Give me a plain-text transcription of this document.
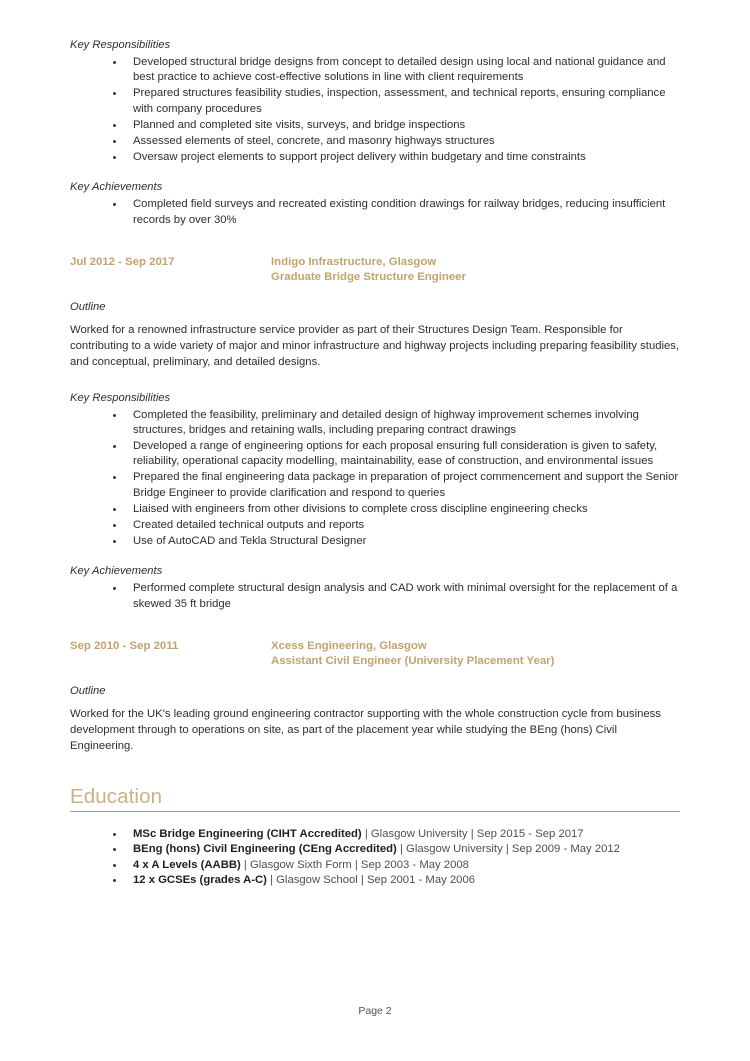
Key Responsibilities

Developed structural bridge designs from concept to detailed design using local and national guidance and best practice to achieve cost-effective solutions in line with client requirements
Prepared structures feasibility studies, inspection, assessment, and technical reports, ensuring compliance with company procedures
Planned and completed site visits, surveys, and bridge inspections
Assessed elements of steel, concrete, and masonry highways structures
Oversaw project elements to support project delivery within budgetary and time constraints

Key Achievements

Completed field surveys and recreated existing condition drawings for railway bridges, reducing insufficient records by over 30%
Jul 2012 - Sep 2017	Indigo Infrastructure, Glasgow
Graduate Bridge Structure Engineer

Outline

Worked for a renowned infrastructure service provider as part of their Structures Design Team. Responsible for contributing to a wide variety of major and minor infrastructure and highway projects including preparing feasibility studies, and conceptual, preliminary, and detailed designs.

Key Responsibilities

Completed the feasibility, preliminary and detailed design of highway improvement schemes involving structures, bridges and retaining walls, including preparing contract drawings
Developed a range of engineering options for each proposal ensuring full consideration is given to safety, reliability, operational capacity modelling, maintainability, ease of construction, and environmental issues
Prepared the final engineering data package in preparation of project commencement and support the Senior Bridge Engineer to provide clarification and respond to queries
Liaised with engineers from other divisions to complete cross discipline engineering checks
Created detailed technical outputs and reports
Use of AutoCAD and Tekla Structural Designer

Key Achievements

Performed complete structural design analysis and CAD work with minimal oversight for the replacement of a skewed 35 ft bridge
Sep 2010 - Sep 2011	Xcess Engineering, Glasgow
Assistant Civil Engineer (University Placement Year)

Outline

Worked for the UK's leading ground engineering contractor supporting with the whole construction cycle from business development through to operations on site, as part of the placement year while studying the BEng (hons) Civil Engineering.

Education
MSc Bridge Engineering (CIHT Accredited) | Glasgow University | Sep 2015 - Sep 2017
BEng (hons) Civil Engineering (CEng Accredited) | Glasgow University | Sep 2009 - May 2012
4 x A Levels (AABB) | Glasgow Sixth Form | Sep 2003 - May 2008
12 x GCSEs (grades A-C) | Glasgow School | Sep 2001 - May 2006
Page 2
